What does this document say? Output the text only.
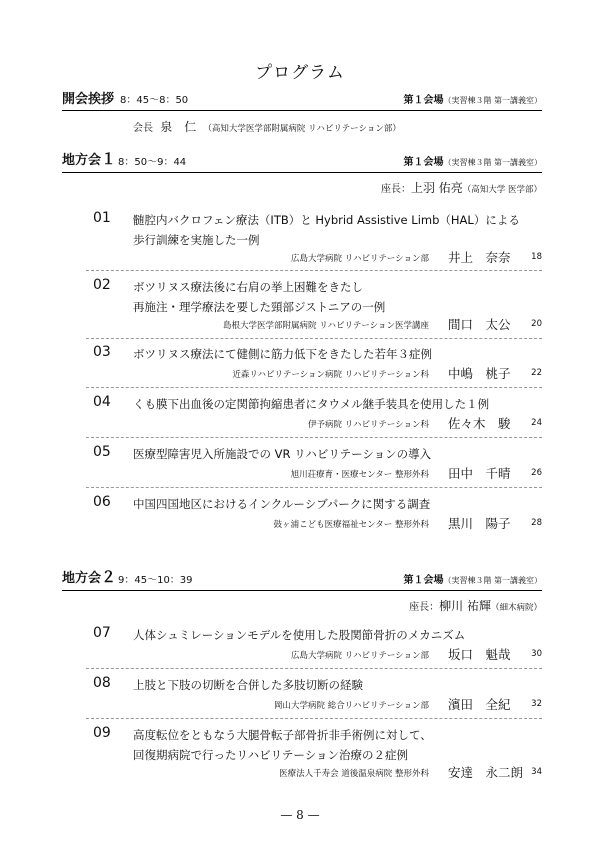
プログラム
開会挨拶 8：45～8：50	第１会場（実習棟３階 第一講義室）
会長 泉　仁 （高知大学医学部附属病院 リハビリテーション部）
地方会１ 8：50～9：44	第１会場（実習棟３階 第一講義室）
座長：上羽 佑亮（高知大学 医学部）
01 髄腔内バクロフェン療法（ITB）と Hybrid Assistive Limb（HAL）による
歩行訓練を実施した一例
広島大学病院 リハビリテーション部 井上　奈奈 18
02 ボツリヌス療法後に右肩の挙上困難をきたし
再施注・理学療法を要した頸部ジストニアの一例
島根大学医学部附属病院 リハビリテーション医学講座 間口　太公 20
03 ボツリヌス療法にて健側に筋力低下をきたした若年３症例
近森リハビリテーション病院 リハビリテーション科 中嶋　桃子 22
04 くも膜下出血後の定関節拘縮患者にタウメル継手装具を使用した１例
伊予病院 リハビリテーション科 佐々木　駿 24
05 医療型障害児入所施設での VR リハビリテーションの導入
旭川荘療育・医療センター 整形外科 田中　千晴 26
06 中国四国地区におけるインクルーシブパークに関する調査
鼓ヶ浦こども医療福祉センター 整形外科 黒川　陽子 28
地方会２ 9：45～10：39	第１会場（実習棟３階 第一講義室）
座長：柳川 祐輝（細木病院）
07 人体シュミレーションモデルを使用した股関節骨折のメカニズム
広島大学病院 リハビリテーション部 坂口　魁哉 30
08 上肢と下肢の切断を合併した多肢切断の経験
岡山大学病院 総合リハビリテーション部 濱田　全紀 32
09 高度転位をともなう大腿骨転子部骨折非手術例に対して、
回復期病院で行ったリハビリテーション治療の２症例
医療法人千寿会 道後温泉病院 整形外科 安達　永二朗 34
— 8 —
